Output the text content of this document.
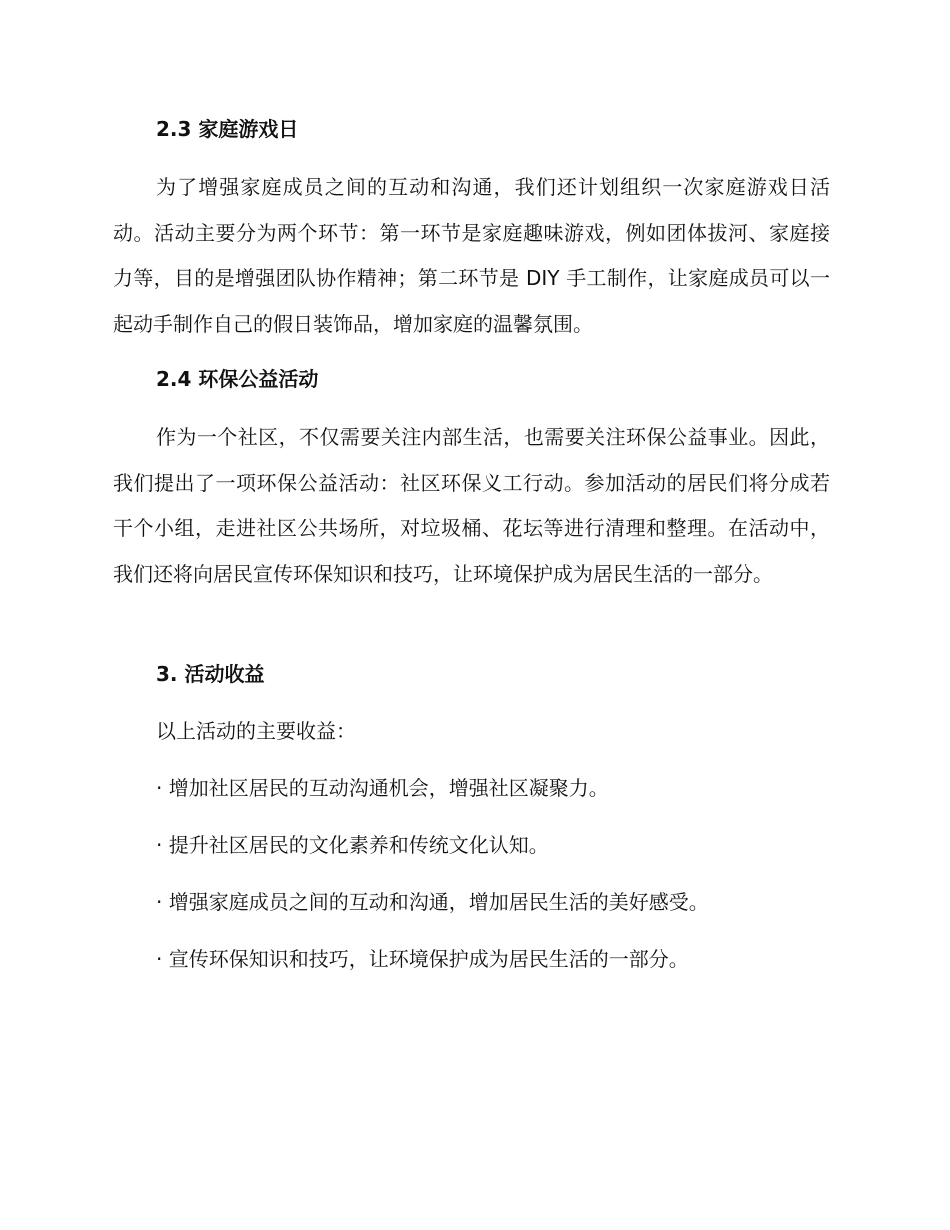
2.3 家庭游戏日

为了增强家庭成员之间的互动和沟通，我们还计划组织一次家庭游戏日活动。活动主要分为两个环节：第一环节是家庭趣味游戏，例如团体拔河、家庭接力等，目的是增强团队协作精神；第二环节是 DIY 手工制作，让家庭成员可以一起动手制作自己的假日装饰品，增加家庭的温馨氛围。

2.4 环保公益活动

作为一个社区，不仅需要关注内部生活，也需要关注环保公益事业。因此，我们提出了一项环保公益活动：社区环保义工行动。参加活动的居民们将分成若干个小组，走进社区公共场所，对垃圾桶、花坛等进行清理和整理。在活动中，我们还将向居民宣传环保知识和技巧，让环境保护成为居民生活的一部分。

3. 活动收益

以上活动的主要收益：

· 增加社区居民的互动沟通机会，增强社区凝聚力。
· 提升社区居民的文化素养和传统文化认知。
· 增强家庭成员之间的互动和沟通，增加居民生活的美好感受。
· 宣传环保知识和技巧，让环境保护成为居民生活的一部分。
